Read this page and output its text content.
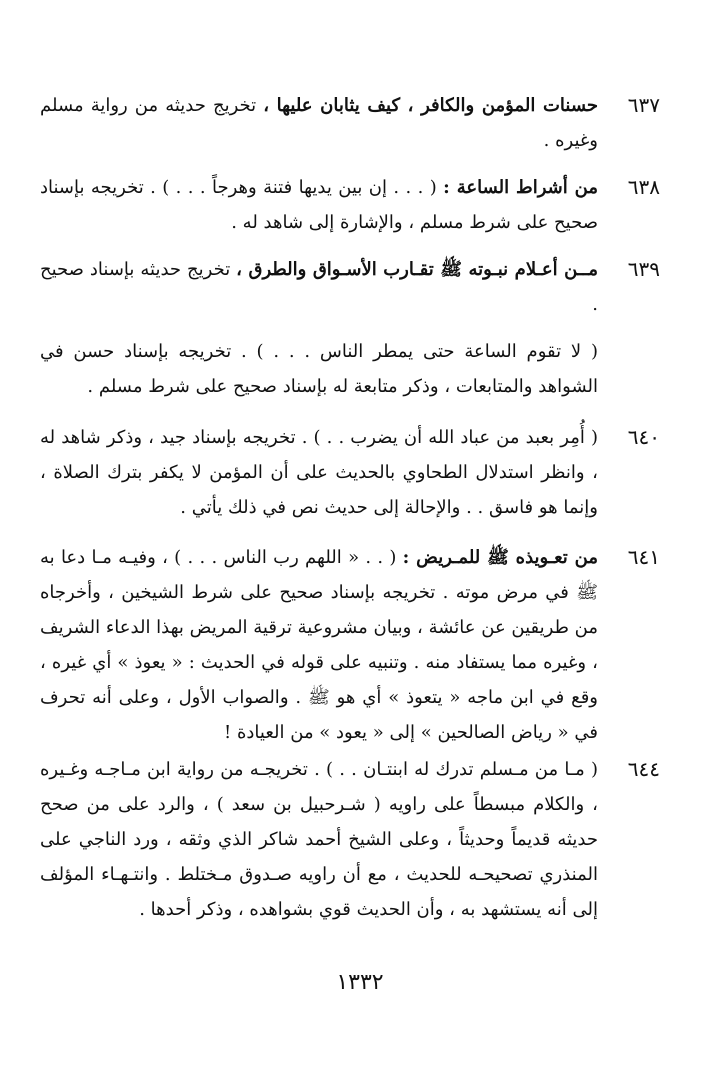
٦٣٧
حسنات المؤمن والكافر ، كيف يثابان عليها ، تخريج حديثه من رواية مسلم وغيره .
٦٣٨
من أشراط الساعة : ( . . . إن بين يديها فتنة وهرجاً . . . ) . تخريجه بإسناد صحيح على شرط مسلم ، والإشارة إلى شاهد له .
٦٣٩
مــن أعـلام نبـوته ﷺ تقـارب الأسـواق والطرق ، تخريج حديثه بإسناد صحيح .
( لا تقوم الساعة حتى يمطر الناس . . . ) . تخريجه بإسناد حسن في الشواهد والمتابعات ، وذكر متابعة له بإسناد صحيح على شرط مسلم .
٦٤٠
( أُمِر بعبد من عباد الله أن يضرب . . ) . تخريجه بإسناد جيد ، وذكر شاهد له ، وانظر استدلال الطحاوي بالحديث على أن المؤمن لا يكفر بترك الصلاة ، وإنما هو فاسق . . والإحالة إلى حديث نص في ذلك يأتي .
٦٤١
من تعـويذه ﷺ للمـريض : ( . . « اللهم رب الناس . . . ) ، وفيـه مـا دعا به ﷺ في مرض موته . تخريجه بإسناد صحيح على شرط الشيخين ، وأخرجاه من طريقين عن عائشة ، وبيان مشروعية ترقية المريض بهذا الدعاء الشريف ، وغيره مما يستفاد منه . وتنبيه على قوله في الحديث : « يعوذ » أي غيره ، وقع في ابن ماجه « يتعوذ » أي هو ﷺ . والصواب الأول ، وعلى أنه تحرف في « رياض الصالحين » إلى « يعود » من العيادة !
٦٤٤
( مـا من مـسلم تدرك له ابنتـان . . ) . تخريجـه من رواية ابن مـاجـه وغـيره ، والكلام مبسطاً على راويه ( شـرحبيل بن سعد ) ، والرد على من صحح حديثه قديماً وحديثاً ، وعلى الشيخ أحمد شاكر الذي وثقه ، ورد الناجي على المنذري تصحيحـه للحديث ، مع أن راويه صـدوق مـختلط . وانتـهـاء المؤلف إلى أنه يستشهد به ، وأن الحديث قوي بشواهده ، وذكر أحدها .
١٣٣٢
